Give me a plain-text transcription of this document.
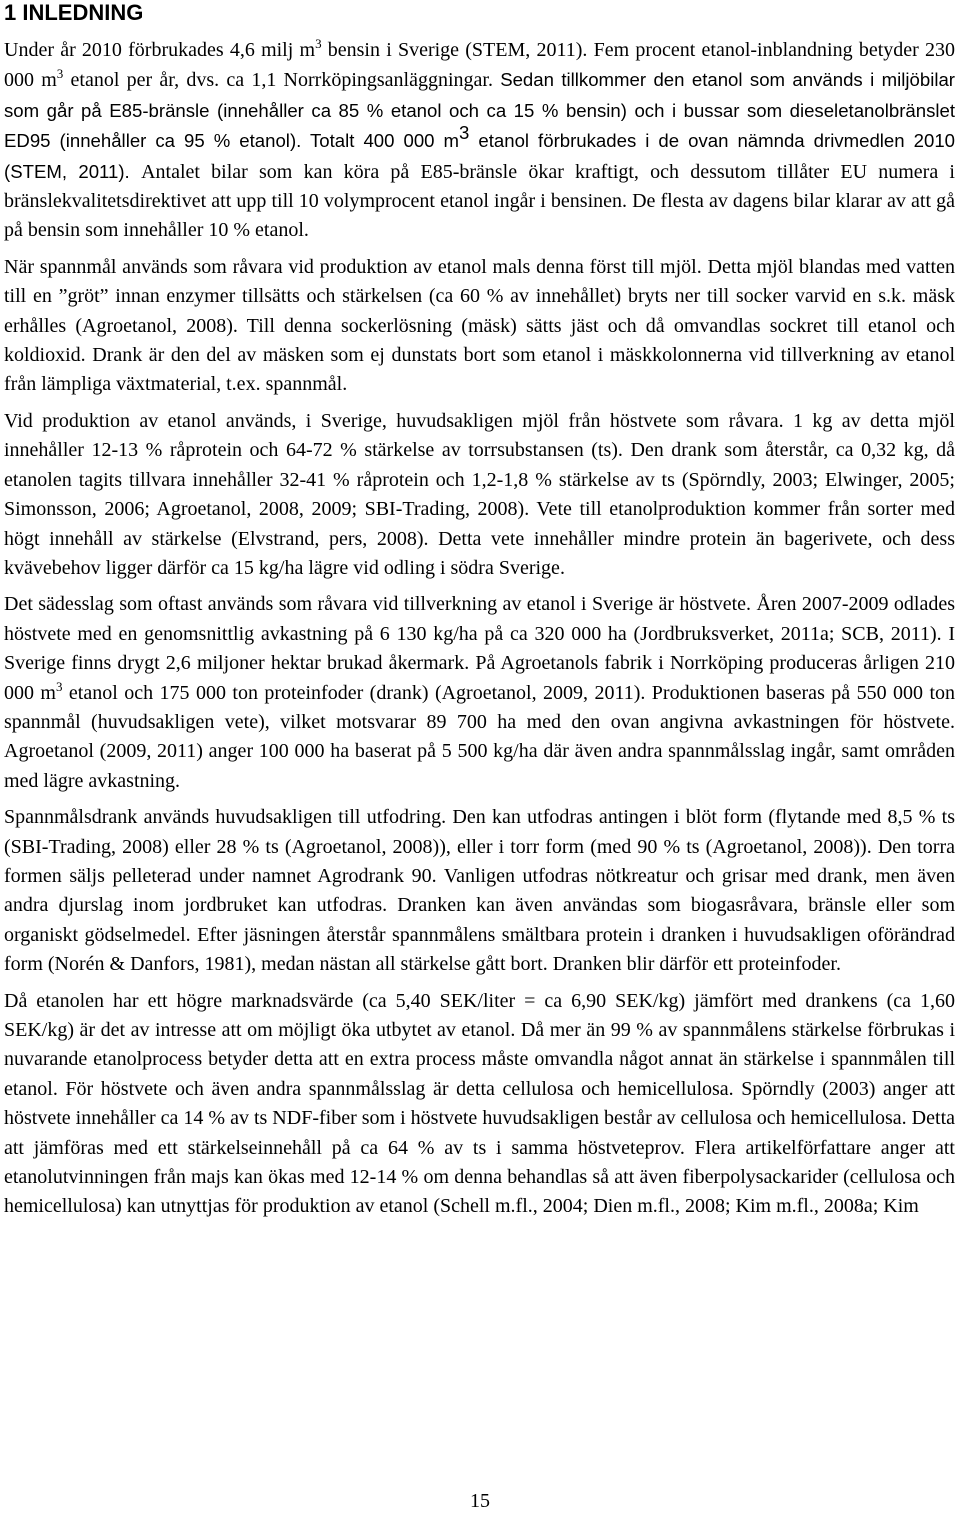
1 INLEDNING

Under år 2010 förbrukades 4,6 milj $m^3$ bensin i Sverige (STEM, 2011). Fem procent etanol-inblandning betyder 230 000 $m^3$ etanol per år, dvs. ca 1,1 Norrköpingsanläggningar. Sedan tillkommer den etanol som används i miljöbilar som går på E85-bränsle (innehåller ca 85 % etanol och ca 15 % bensin) och i bussar som dieseletanolbränslet ED95 (innehåller ca 95 % etanol). Totalt 400 000 $m^3$ etanol förbrukades i de ovan nämnda drivmedlen 2010 (STEM, 2011). Antalet bilar som kan köra på E85-bränsle ökar kraftigt, och dessutom tillåter EU numera i bränslekvalitetsdirektivet att upp till 10 volymprocent etanol ingår i bensinen. De flesta av dagens bilar klarar av att gå på bensin som innehåller 10 % etanol.

När spannmål används som råvara vid produktion av etanol mals denna först till mjöl. Detta mjöl blandas med vatten till en ”gröt” innan enzymer tillsätts och stärkelsen (ca 60 % av innehållet) bryts ner till socker varvid en s.k. mäsk erhålles (Agroetanol, 2008). Till denna sockerlösning (mäsk) sätts jäst och då omvandlas sockret till etanol och koldioxid. Drank är den del av mäsken som ej dunstats bort som etanol i mäskkolonnerna vid tillverkning av etanol från lämpliga växtmaterial, t.ex. spannmål.

Vid produktion av etanol används, i Sverige, huvudsakligen mjöl från höstvete som råvara. 1 kg av detta mjöl innehåller 12-13 % råprotein och 64-72 % stärkelse av torrsubstansen (ts). Den drank som återstår, ca 0,32 kg, då etanolen tagits tillvara innehåller 32-41 % råprotein och 1,2-1,8 % stärkelse av ts (Spörndly, 2003; Elwinger, 2005; Simonsson, 2006; Agroetanol, 2008, 2009; SBI-Trading, 2008). Vete till etanolproduktion kommer från sorter med högt innehåll av stärkelse (Elvstrand, pers, 2008). Detta vete innehåller mindre protein än bagerivete, och dess kvävebehov ligger därför ca 15 kg/ha lägre vid odling i södra Sverige.

Det sädesslag som oftast används som råvara vid tillverkning av etanol i Sverige är höstvete. Åren 2007-2009 odlades höstvete med en genomsnittlig avkastning på 6 130 kg/ha på ca 320 000 ha (Jordbruksverket, 2011a; SCB, 2011). I Sverige finns drygt 2,6 miljoner hektar brukad åkermark. På Agroetanols fabrik i Norrköping produceras årligen 210 000 $m^3$ etanol och 175 000 ton proteinfoder (drank) (Agroetanol, 2009, 2011). Produktionen baseras på 550 000 ton spannmål (huvudsakligen vete), vilket motsvarar 89 700 ha med den ovan angivna avkastningen för höstvete. Agroetanol (2009, 2011) anger 100 000 ha baserat på 5 500 kg/ha där även andra spannmålsslag ingår, samt områden med lägre avkastning.

Spannmålsdrank används huvudsakligen till utfodring. Den kan utfodras antingen i blöt form (flytande med 8,5 % ts (SBI-Trading, 2008) eller 28 % ts (Agroetanol, 2008)), eller i torr form (med 90 % ts (Agroetanol, 2008)). Den torra formen säljs pelleterad under namnet Agrodrank 90. Vanligen utfodras nötkreatur och grisar med drank, men även andra djurslag inom jordbruket kan utfodras. Dranken kan även användas som biogasråvara, bränsle eller som organiskt gödselmedel. Efter jäsningen återstår spannmålens smältbara protein i dranken i huvudsakligen oförändrad form (Norén & Danfors, 1981), medan nästan all stärkelse gått bort. Dranken blir därför ett proteinfoder.

Då etanolen har ett högre marknadsvärde (ca 5,40 SEK/liter = ca 6,90 SEK/kg) jämfört med drankens (ca 1,60 SEK/kg) är det av intresse att om möjligt öka utbytet av etanol. Då mer än 99 % av spannmålens stärkelse förbrukas i nuvarande etanolprocess betyder detta att en extra process måste omvandla något annat än stärkelse i spannmålen till etanol. För höstvete och även andra spannmålsslag är detta cellulosa och hemicellulosa. Spörndly (2003) anger att höstvete innehåller ca 14 % av ts NDF-fiber som i höstvete huvudsakligen består av cellulosa och hemicellulosa. Detta att jämföras med ett stärkelseinnehåll på ca 64 % av ts i samma höstveteprov. Flera artikelförfattare anger att etanolutvinningen från majs kan ökas med 12-14 % om denna behandlas så att även fiberpolysackarider (cellulosa och hemicellulosa) kan utnyttjas för produktion av etanol (Schell m.fl., 2004; Dien m.fl., 2008; Kim m.fl., 2008a; Kim

15
